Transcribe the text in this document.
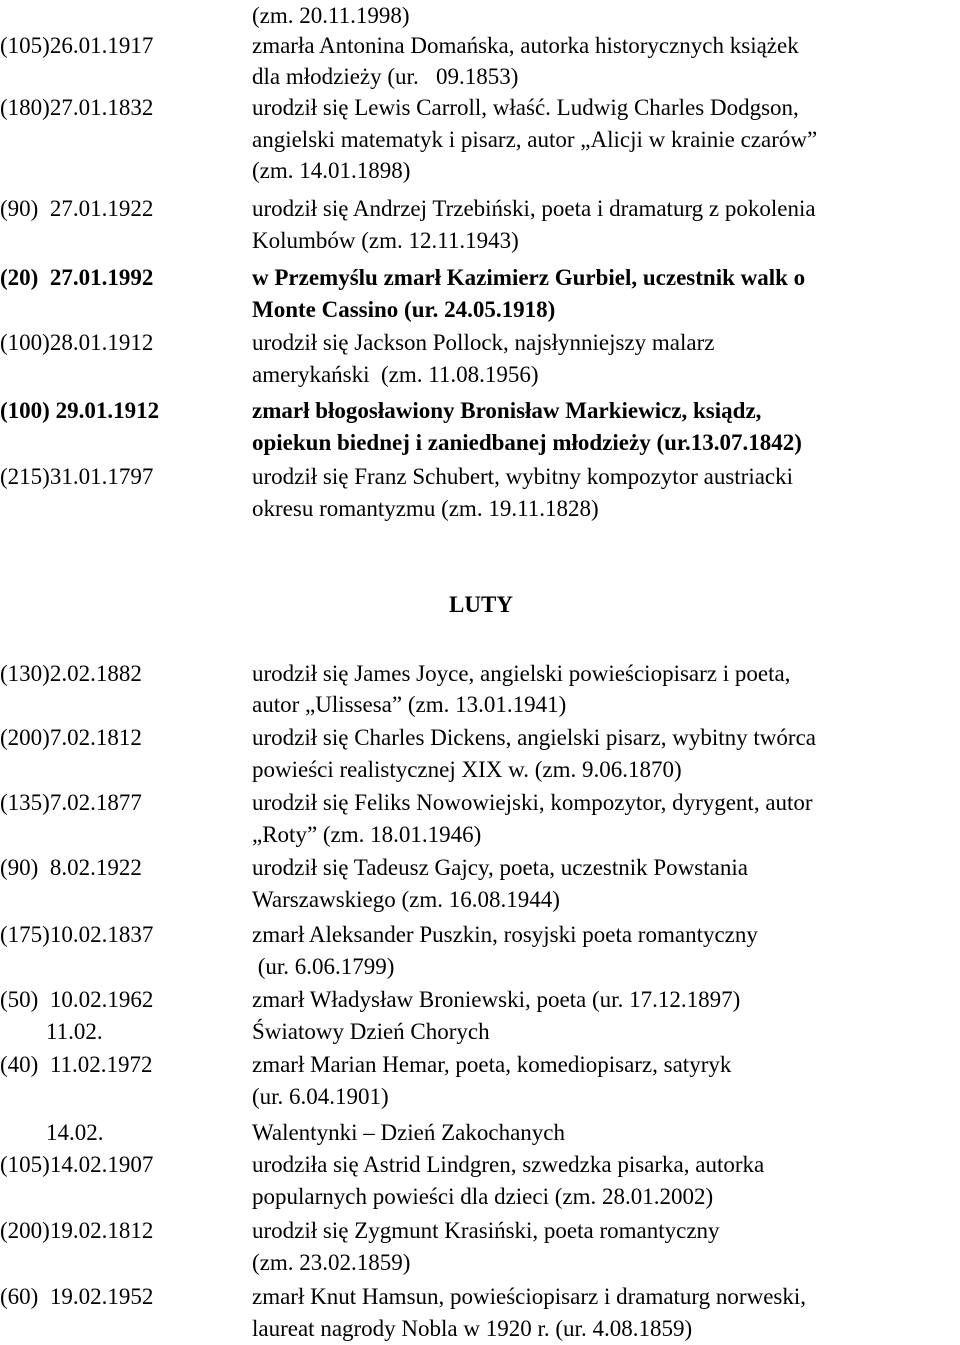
(zm. 20.11.1998)
(105)26.01.1917	zmarła Antonina Domańska, autorka historycznych książek
dla młodzieży (ur.   09.1853)
(180)27.01.1832	urodził się Lewis Carroll, właść. Ludwig Charles Dodgson,
angielski matematyk i pisarz, autor „Alicji w krainie czarów”
(zm. 14.01.1898)
(90)  27.01.1922	urodził się Andrzej Trzebiński, poeta i dramaturg z pokolenia
Kolumbów (zm. 12.11.1943)
(20)  27.01.1992	w Przemyślu zmarł Kazimierz Gurbiel, uczestnik walk o
Monte Cassino (ur. 24.05.1918)
(100)28.01.1912	urodził się Jackson Pollock, najsłynniejszy malarz
amerykański  (zm. 11.08.1956)
(100) 29.01.1912	zmarł błogosławiony Bronisław Markiewicz, ksiądz,
opiekun biednej i zaniedbanej młodzieży (ur.13.07.1842)
(215)31.01.1797	urodził się Franz Schubert, wybitny kompozytor austriacki
okresu romantyzmu (zm. 19.11.1828)
LUTY
(130)2.02.1882	urodził się James Joyce, angielski powieściopisarz i poeta,
autor „Ulissesa” (zm. 13.01.1941)
(200)7.02.1812	urodził się Charles Dickens, angielski pisarz, wybitny twórca
powieści realistycznej XIX w. (zm. 9.06.1870)
(135)7.02.1877	urodził się Feliks Nowowiejski, kompozytor, dyrygent, autor
„Roty” (zm. 18.01.1946)
(90)  8.02.1922	urodził się Tadeusz Gajcy, poeta, uczestnik Powstania
Warszawskiego (zm. 16.08.1944)
(175)10.02.1837	zmarł Aleksander Puszkin, rosyjski poeta romantyczny
(ur. 6.06.1799)
(50)  10.02.1962	zmarł Władysław Broniewski, poeta (ur. 17.12.1897)
11.02.	Światowy Dzień Chorych
(40)  11.02.1972	zmarł Marian Hemar, poeta, komediopisarz, satyryk
(ur. 6.04.1901)
14.02.	Walentynki – Dzień Zakochanych
(105)14.02.1907	urodziła się Astrid Lindgren, szwedzka pisarka, autorka
popularnych powieści dla dzieci (zm. 28.01.2002)
(200)19.02.1812	urodził się Zygmunt Krasiński, poeta romantyczny
(zm. 23.02.1859)
(60)  19.02.1952	zmarł Knut Hamsun, powieściopisarz i dramaturg norweski,
laureat nagrody Nobla w 1920 r. (ur. 4.08.1859)
